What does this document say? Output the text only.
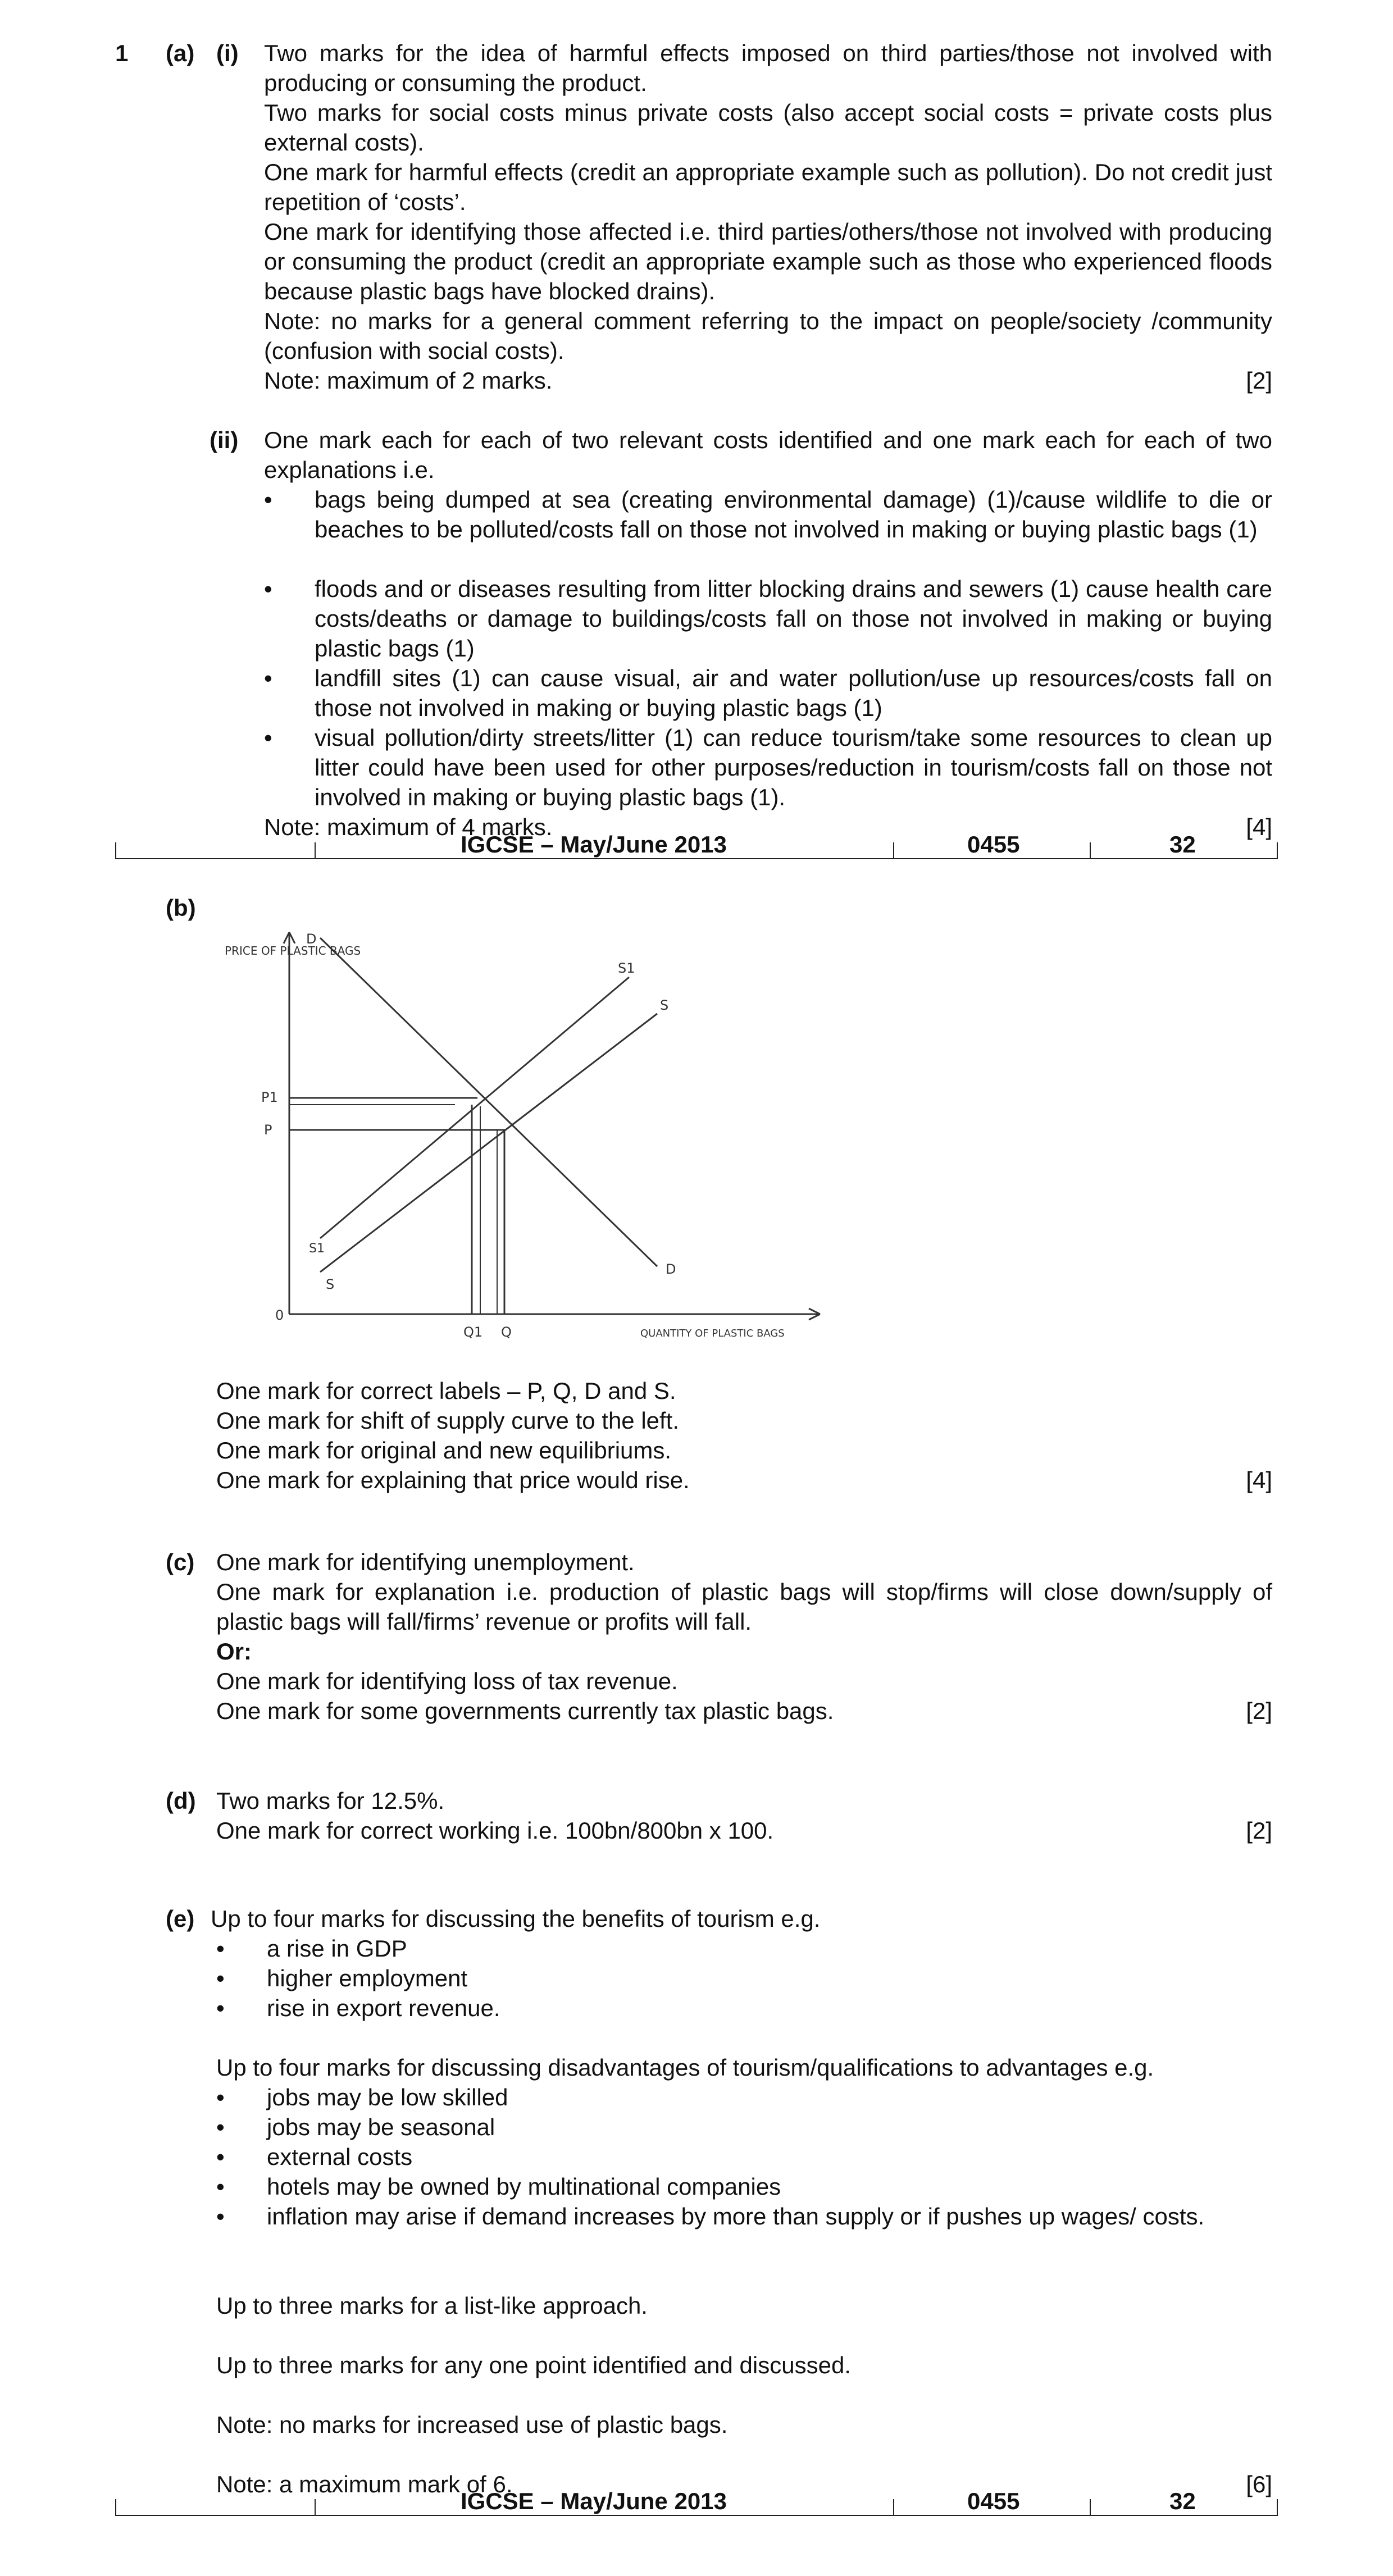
1 (a) (i) Two marks for the idea of harmful effects imposed on third parties/those not involved with producing or consuming the product.
Two marks for social costs minus private costs (also accept social costs = private costs plus external costs).
One mark for harmful effects (credit an appropriate example such as pollution). Do not credit just repetition of ‘costs’.
One mark for identifying those affected i.e. third parties/others/those not involved with producing or consuming the product (credit an appropriate example such as those who experienced floods because plastic bags have blocked drains).
Note: no marks for a general comment referring to the impact on people/society /community (confusion with social costs).
Note: maximum of 2 marks.	[2]
(ii) One mark each for each of two relevant costs identified and one mark each for each of two explanations i.e.
•	bags being dumped at sea (creating environmental damage) (1)/cause wildlife to die or beaches to be polluted/costs fall on those not involved in making or buying plastic bags (1)
•	floods and or diseases resulting from litter blocking drains and sewers (1) cause health care costs/deaths or damage to buildings/costs fall on those not involved in making or buying plastic bags (1)
•	landfill sites (1) can cause visual, air and water pollution/use up resources/costs fall on those not involved in making or buying plastic bags (1)
•	visual pollution/dirty streets/litter (1) can reduce tourism/take some resources to clean up litter could have been used for other purposes/reduction in tourism/costs fall on those not involved in making or buying plastic bags (1).
Note: maximum of 4 marks.	[4]
IGCSE – May/June 2013	0455	32
(b)
PRICE OF PLASTIC BAGS
0
P1
P
Q1 Q
D
D
S1
S1
S
S
QUANTITY OF PLASTIC BAGS
One mark for correct labels – P, Q, D and S.
One mark for shift of supply curve to the left.
One mark for original and new equilibriums.
One mark for explaining that price would rise.	[4]
(c) One mark for identifying unemployment.
One mark for explanation i.e. production of plastic bags will stop/firms will close down/supply of plastic bags will fall/firms’ revenue or profits will fall.
Or:
One mark for identifying loss of tax revenue.
One mark for some governments currently tax plastic bags.	[2]
(d) Two marks for 12.5%.
One mark for correct working i.e. 100bn/800bn x 100.	[2]
(e) Up to four marks for discussing the benefits of tourism e.g.
•	a rise in GDP
•	higher employment
•	rise in export revenue.
Up to four marks for discussing disadvantages of tourism/qualifications to advantages e.g.
•	jobs may be low skilled
•	jobs may be seasonal
•	external costs
•	hotels may be owned by multinational companies
•	inflation may arise if demand increases by more than supply or if pushes up wages/ costs.
Up to three marks for a list-like approach.
Up to three marks for any one point identified and discussed.
Note: no marks for increased use of plastic bags.
Note: a maximum mark of 6.	[6]
IGCSE – May/June 2013	0455	32
